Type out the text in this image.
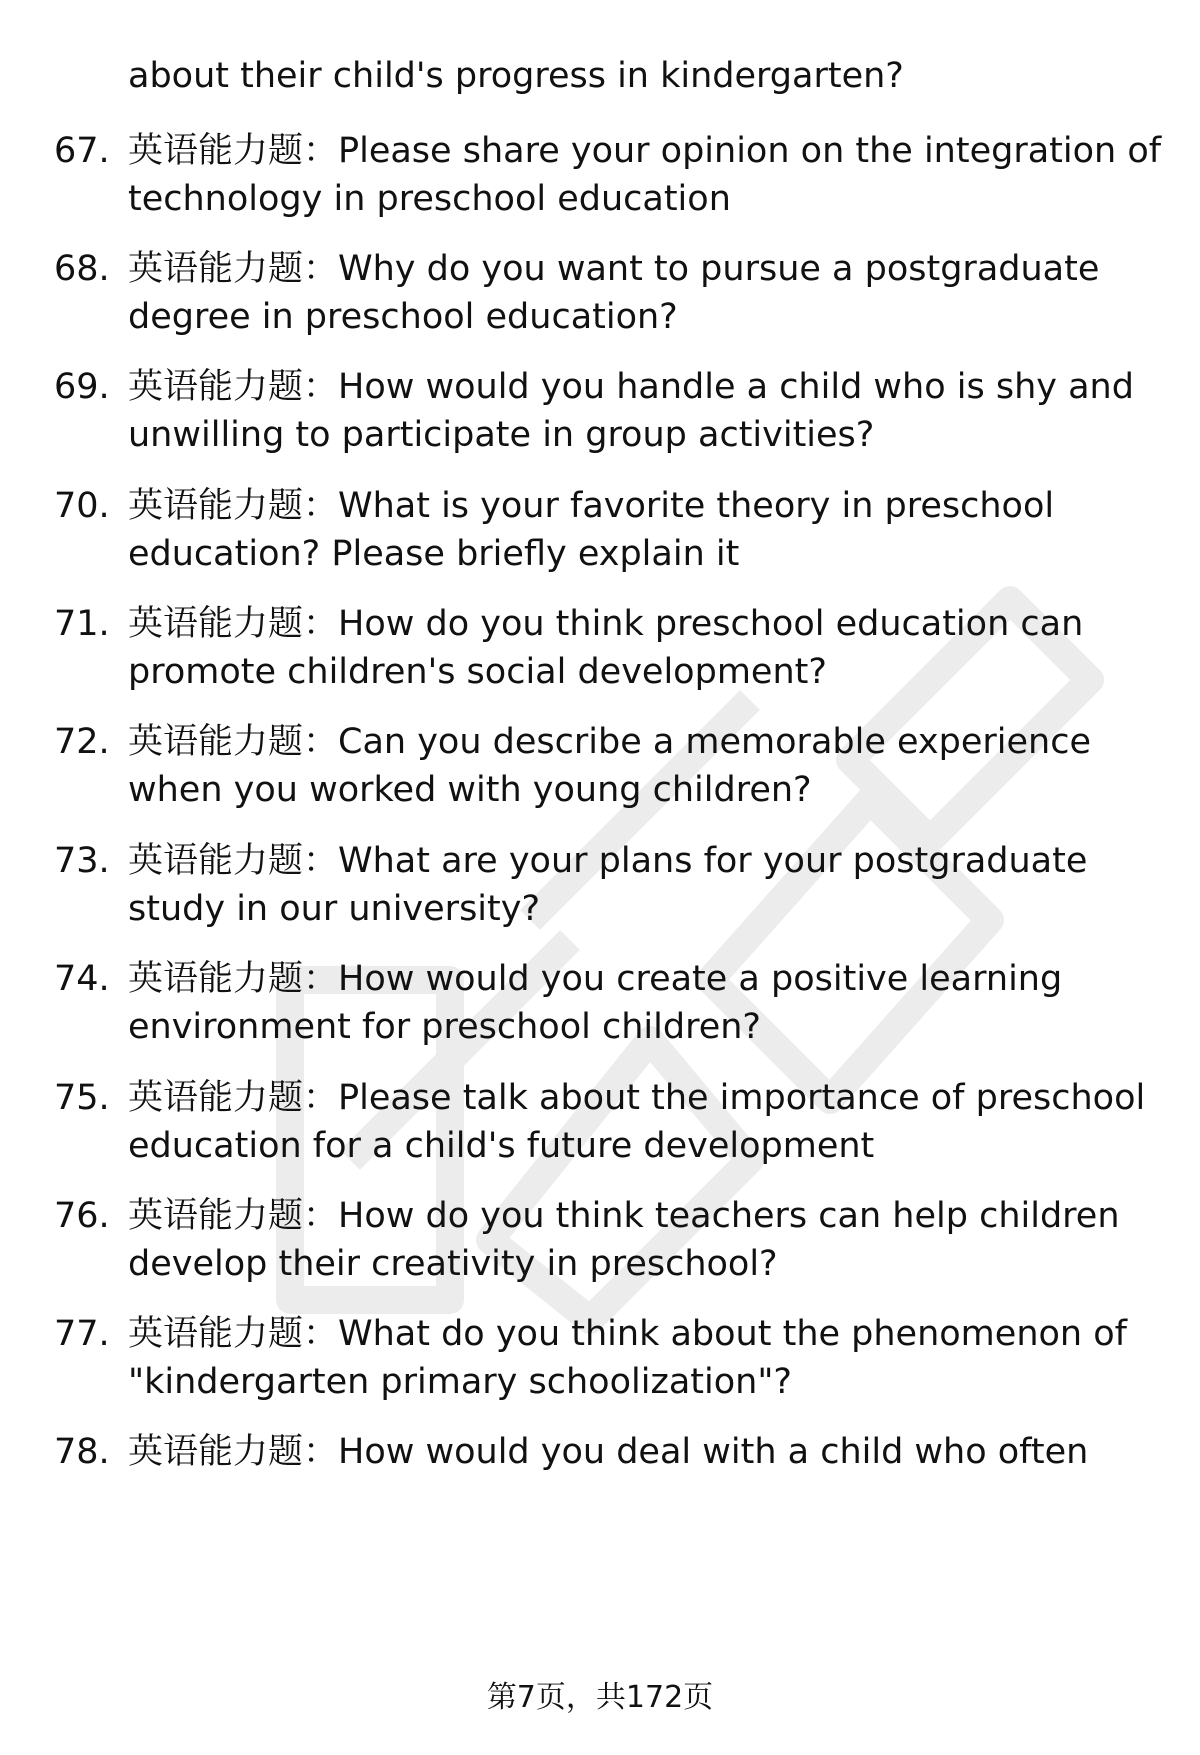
about their child's progress in kindergarten?
67. 英语能力题：Please share your opinion on the integration of
technology in preschool education
68. 英语能力题：Why do you want to pursue a postgraduate
degree in preschool education?
69. 英语能力题：How would you handle a child who is shy and
unwilling to participate in group activities?
70. 英语能力题：What is your favorite theory in preschool
education? Please briefly explain it
71. 英语能力题：How do you think preschool education can
promote children's social development?
72. 英语能力题：Can you describe a memorable experience
when you worked with young children?
73. 英语能力题：What are your plans for your postgraduate
study in our university?
74. 英语能力题：How would you create a positive learning
environment for preschool children?
75. 英语能力题：Please talk about the importance of preschool
education for a child's future development
76. 英语能力题：How do you think teachers can help children
develop their creativity in preschool?
77. 英语能力题：What do you think about the phenomenon of
"kindergarten primary schoolization"?
78. 英语能力题：How would you deal with a child who often
第7页，共172页
